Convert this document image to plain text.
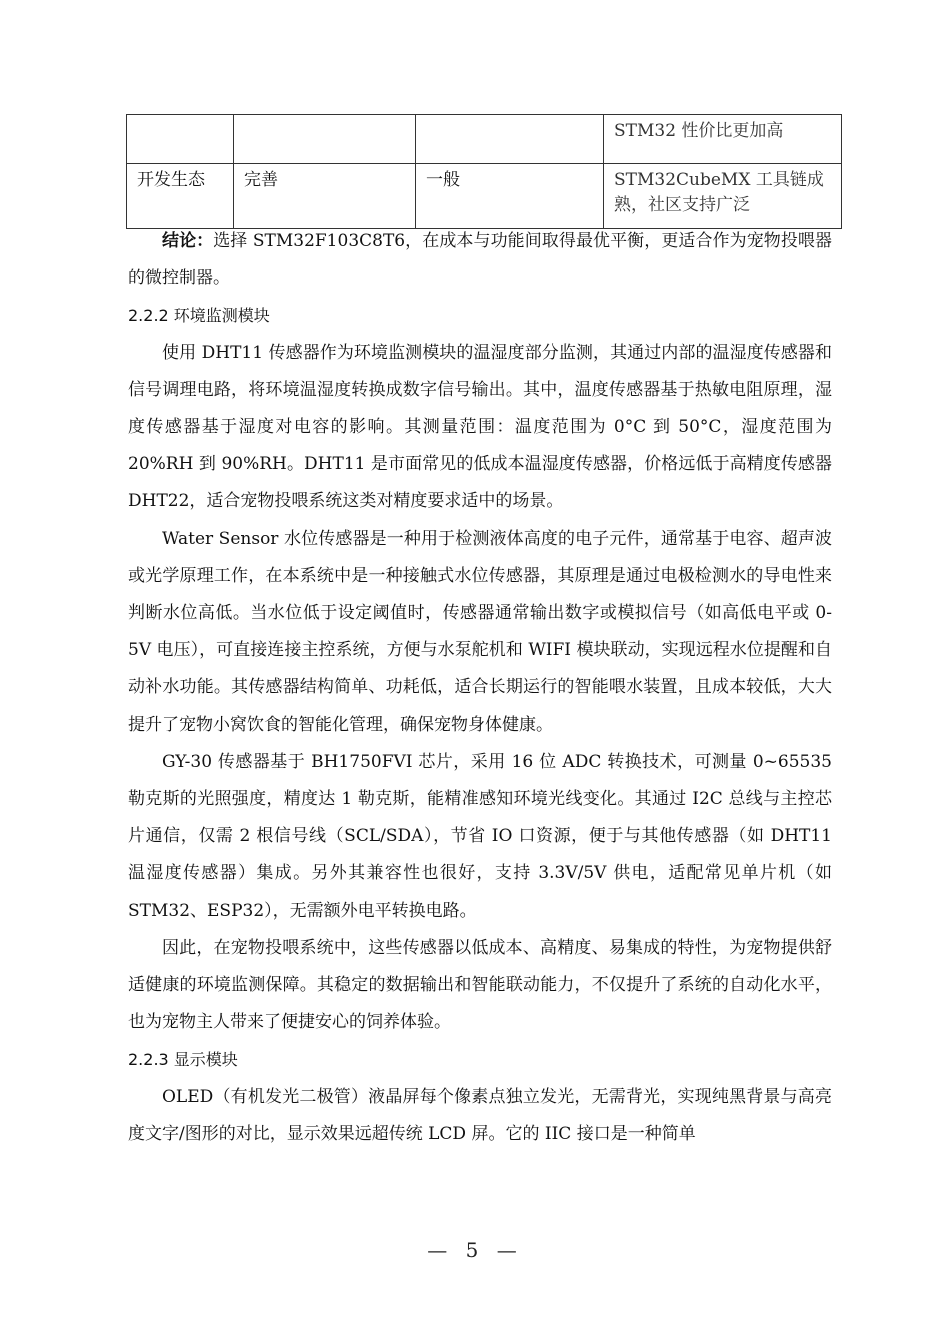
			STM32 性价比更加高
开发生态	完善	一般	STM32CubeMX 工具链成熟，社区支持广泛

结论：选择 STM32F103C8T6，在成本与功能间取得最优平衡，更适合作为宠物投喂器的微控制器。

2.2.2 环境监测模块

使用 DHT11 传感器作为环境监测模块的温湿度部分监测，其通过内部的温湿度传感器和信号调理电路，将环境温湿度转换成数字信号输出。其中，温度传感器基于热敏电阻原理，湿度传感器基于湿度对电容的影响。其测量范围：温度范围为 0°C 到 50°C，湿度范围为 20%RH 到 90%RH。DHT11 是市面常见的低成本温湿度传感器，价格远低于高精度传感器 DHT22，适合宠物投喂系统这类对精度要求适中的场景。

Water Sensor 水位传感器是一种用于检测液体高度的电子元件，通常基于电容、超声波或光学原理工作，在本系统中是一种接触式水位传感器，其原理是通过电极检测水的导电性来判断水位高低。当水位低于设定阈值时，传感器通常输出数字或模拟信号（如高低电平或 0-5V 电压），可直接连接主控系统，方便与水泵舵机和 WIFI 模块联动，实现远程水位提醒和自动补水功能。其传感器结构简单、功耗低，适合长期运行的智能喂水装置，且成本较低，大大提升了宠物小窝饮食的智能化管理，确保宠物身体健康。

GY-30 传感器基于 BH1750FVI 芯片，采用 16 位 ADC 转换技术，可测量 0~65535 勒克斯的光照强度，精度达 1 勒克斯，能精准感知环境光线变化。其通过 I2C 总线与主控芯片通信，仅需 2 根信号线（SCL/SDA），节省 IO 口资源，便于与其他传感器（如 DHT11 温湿度传感器）集成。另外其兼容性也很好，支持 3.3V/5V 供电，适配常见单片机（如 STM32、ESP32），无需额外电平转换电路。

因此，在宠物投喂系统中，这些传感器以低成本、高精度、易集成的特性，为宠物提供舒适健康的环境监测保障。其稳定的数据输出和智能联动能力，不仅提升了系统的自动化水平，也为宠物主人带来了便捷安心的饲养体验。

2.2.3 显示模块

OLED（有机发光二极管）液晶屏每个像素点独立发光，无需背光，实现纯黑背景与高亮度文字/图形的对比，显示效果远超传统 LCD 屏。它的 IIC 接口是一种简单

— 5 —
